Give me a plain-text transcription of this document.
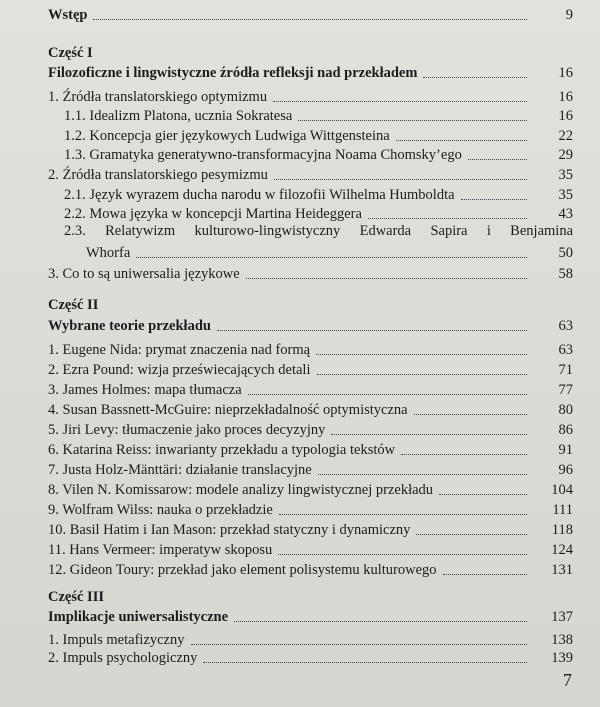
Wstęp	9
Część I
Filozoficzne i lingwistyczne źródła refleksji nad przekładem	16
1. Źródła translatorskiego optymizmu	16
1.1. Idealizm Platona, ucznia Sokratesa	16
1.2. Koncepcja gier językowych Ludwiga Wittgensteina	22
1.3. Gramatyka generatywno-transformacyjna Noama Chomsky’ego	29
2. Źródła translatorskiego pesymizmu	35
2.1. Język wyrazem ducha narodu w filozofii Wilhelma Humboldta	35
2.2. Mowa języka w koncepcji Martina Heideggera	43
2.3. Relatywizm kulturowo-lingwistyczny Edwarda Sapira i Benjamina
Whorfa	50
3. Co to są uniwersalia językowe	58
Część II
Wybrane teorie przekładu	63
1. Eugene Nida: prymat znaczenia nad formą	63
2. Ezra Pound: wizja przeświecających detali	71
3. James Holmes: mapa tłumacza	77
4. Susan Bassnett-McGuire: nieprzekładalność optymistyczna	80
5. Jiri Levy: tłumaczenie jako proces decyzyjny	86
6. Katarina Reiss: inwarianty przekładu a typologia tekstów	91
7. Justa Holz-Mänttäri: działanie translacyjne	96
8. Vilen N. Komissarow: modele analizy lingwistycznej przekładu	104
9. Wolfram Wilss: nauka o przekładzie	111
10. Basil Hatim i Ian Mason: przekład statyczny i dynamiczny	118
11. Hans Vermeer: imperatyw skoposu	124
12. Gideon Toury: przekład jako element polisystemu kulturowego	131
Część III
Implikacje uniwersalistyczne	137
1. Impuls metafizyczny	138
2. Impuls psychologiczny	139
7
